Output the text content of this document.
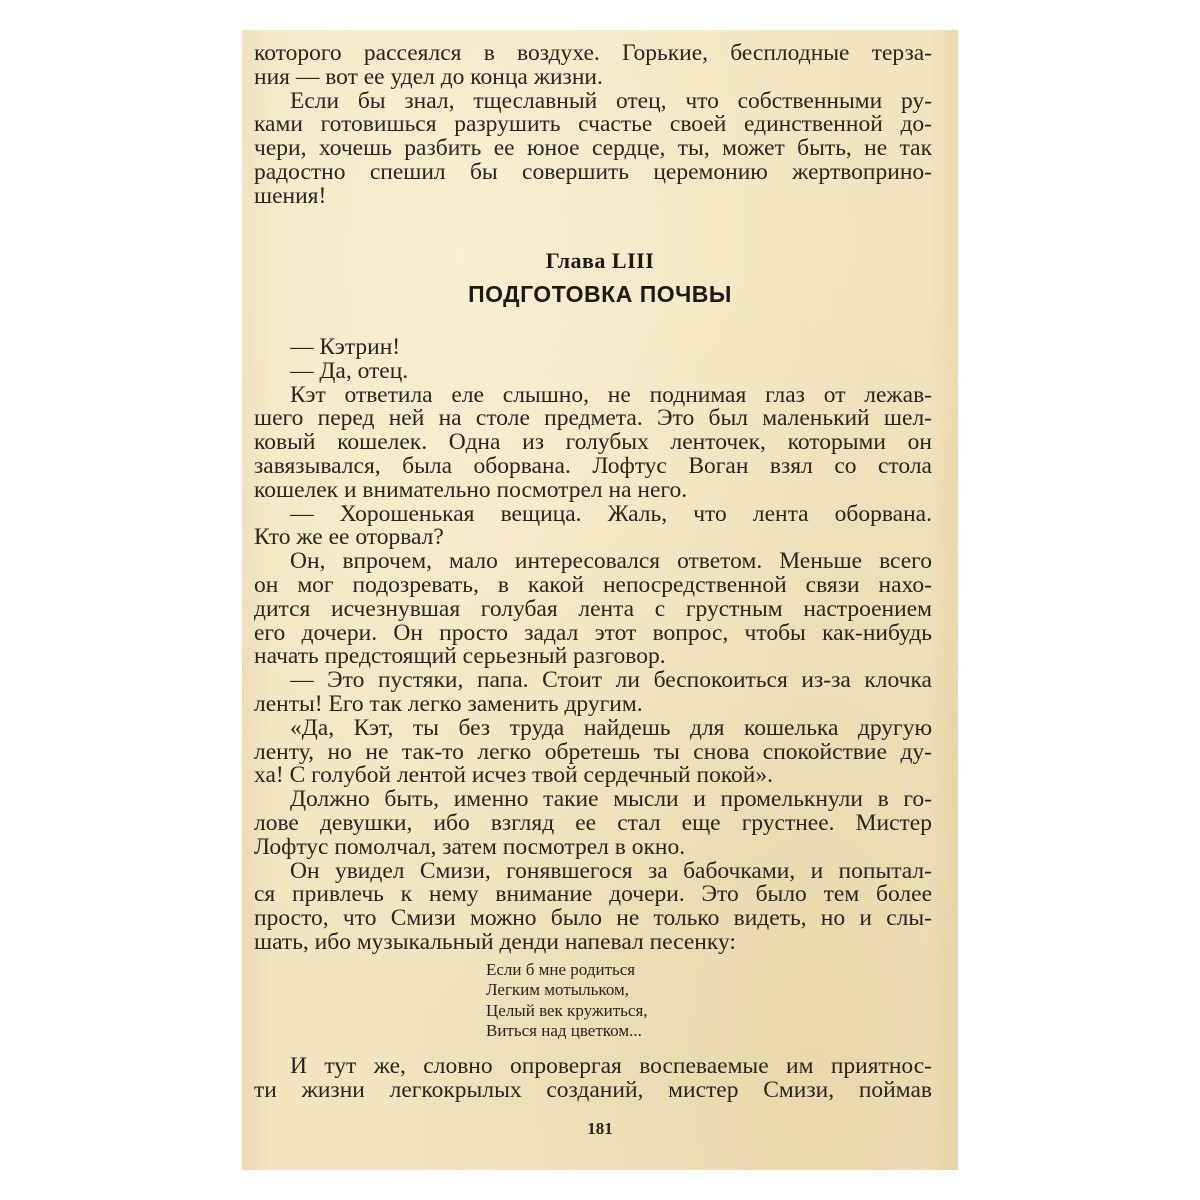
которого рассеялся в воздухе. Горькие, бесплодные терза-
ния — вот ее удел до конца жизни.
Если бы знал, тщеславный отец, что собственными ру-
ками готовишься разрушить счастье своей единственной до-
чери, хочешь разбить ее юное сердце, ты, может быть, не так
радостно спешил бы совершить церемонию жертвоприно-
шения!
Глава LIII
ПОДГОТОВКА ПОЧВЫ
— Кэтрин!
— Да, отец.
Кэт ответила еле слышно, не поднимая глаз от лежав-
шего перед ней на столе предмета. Это был маленький шел-
ковый кошелек. Одна из голубых ленточек, которыми он
завязывался, была оборвана. Лофтус Воган взял со стола
кошелек и внимательно посмотрел на него.
— Хорошенькая вещица. Жаль, что лента оборвана.
Кто же ее оторвал?
Он, впрочем, мало интересовался ответом. Меньше всего
он мог подозревать, в какой непосредственной связи нахо-
дится исчезнувшая голубая лента с грустным настроением
его дочери. Он просто задал этот вопрос, чтобы как-нибудь
начать предстоящий серьезный разговор.
— Это пустяки, папа. Стоит ли беспокоиться из-за клочка
ленты! Его так легко заменить другим.
«Да, Кэт, ты без труда найдешь для кошелька другую
ленту, но не так-то легко обретешь ты снова спокойствие ду-
ха! С голубой лентой исчез твой сердечный покой».
Должно быть, именно такие мысли и промелькнули в го-
лове девушки, ибо взгляд ее стал еще грустнее. Мистер
Лофтус помолчал, затем посмотрел в окно.
Он увидел Смизи, гонявшегося за бабочками, и попытал-
ся привлечь к нему внимание дочери. Это было тем более
просто, что Смизи можно было не только видеть, но и слы-
шать, ибо музыкальный денди напевал песенку:
Если б мне родиться
Легким мотыльком,
Целый век кружиться,
Виться над цветком...
И тут же, словно опровергая воспеваемые им приятнос-
ти жизни легкокрылых созданий, мистер Смизи, поймав
181
